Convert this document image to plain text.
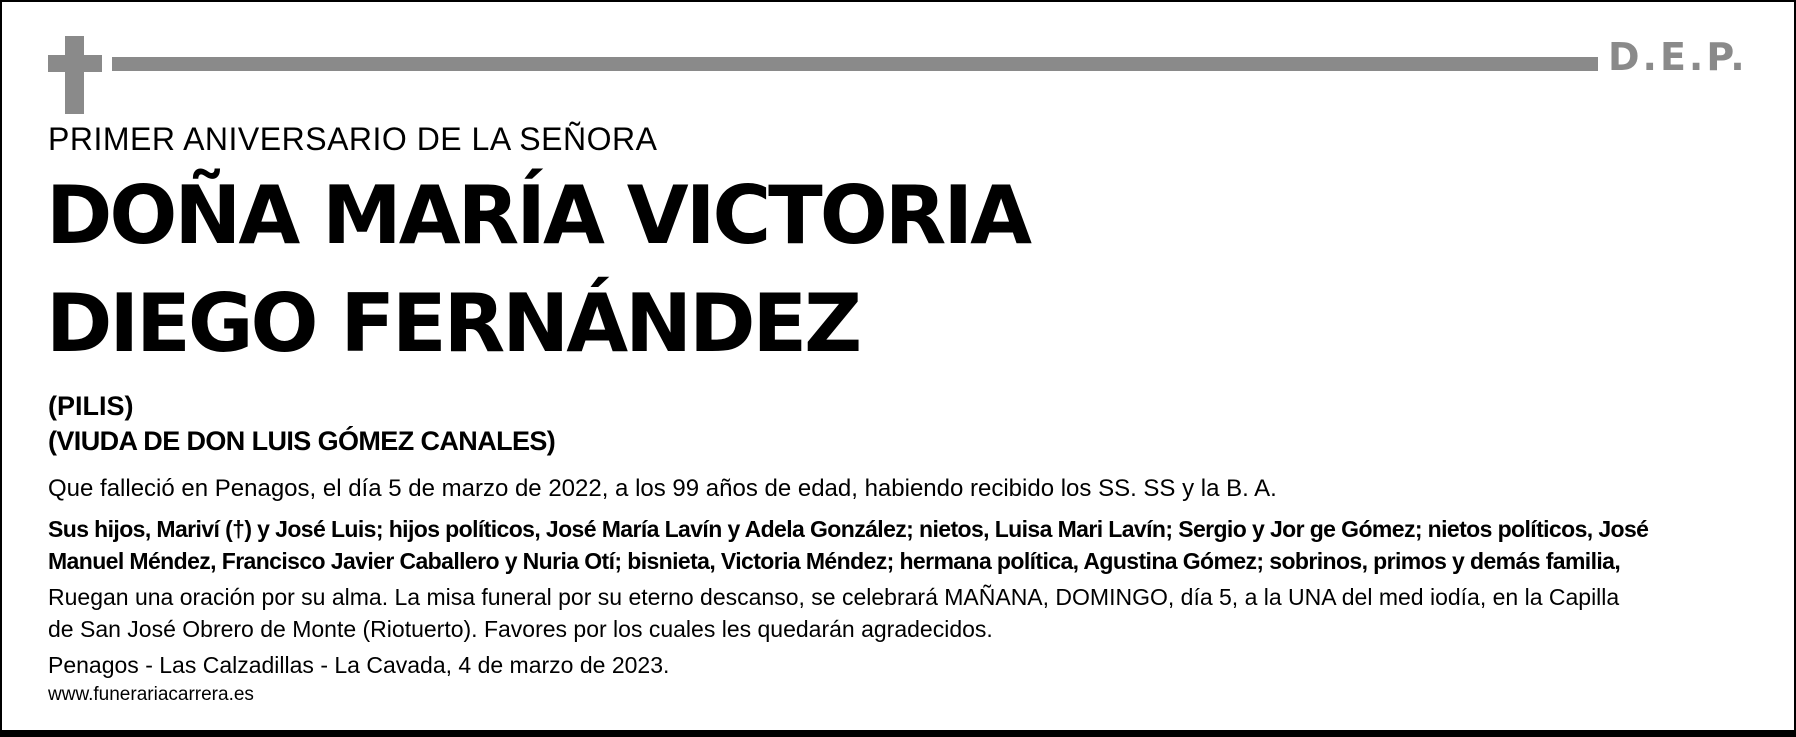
D.E.P.
PRIMER ANIVERSARIO DE LA SEÑORA
DOÑA MARÍA VICTORIA
DIEGO FERNÁNDEZ
(PILIS)
(VIUDA DE DON LUIS GÓMEZ CANALES)
Que falleció en Penagos, el día 5 de marzo de 2022, a los 99 años de edad, habiendo recibido los SS. SS y la B. A.
Sus hijos, Mariví (†) y José Luis; hijos políticos, José María Lavín y Adela González; nietos, Luisa Mari Lavín; Sergio y Jor ge Gómez; nietos políticos, José
Manuel Méndez, Francisco Javier Caballero y Nuria Otí; bisnieta, Victoria Méndez; hermana política, Agustina Gómez; sobrinos, primos y demás familia,
Ruegan una oración por su alma. La misa funeral por su eterno descanso, se celebrará MAÑANA, DOMINGO, día 5, a la UNA del med iodía, en la Capilla
de San José Obrero de Monte (Riotuerto). Favores por los cuales les quedarán agradecidos.
Penagos - Las Calzadillas - La Cavada, 4 de marzo de 2023.
www.funerariacarrera.es
